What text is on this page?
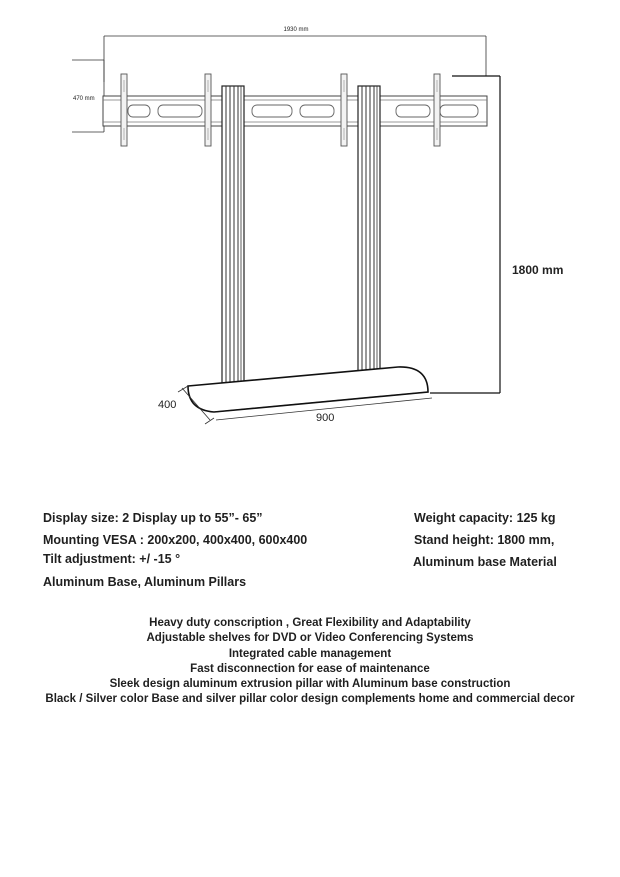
1930 mm
470 mm
1800 mm
400
900
Display size: 2 Display up to 55”- 65”
Mounting VESA : 200x200, 400x400, 600x400
Tilt adjustment: +/ -15 °
Aluminum Base, Aluminum Pillars
Weight capacity: 125 kg
Stand height: 1800 mm,
Aluminum base Material
Heavy duty conscription , Great Flexibility and Adaptability
Adjustable shelves for DVD or Video Conferencing Systems
Integrated cable management
Fast disconnection for ease of maintenance
Sleek design aluminum extrusion pillar with Aluminum base construction
Black / Silver color Base and silver pillar color design complements home and commercial decor
